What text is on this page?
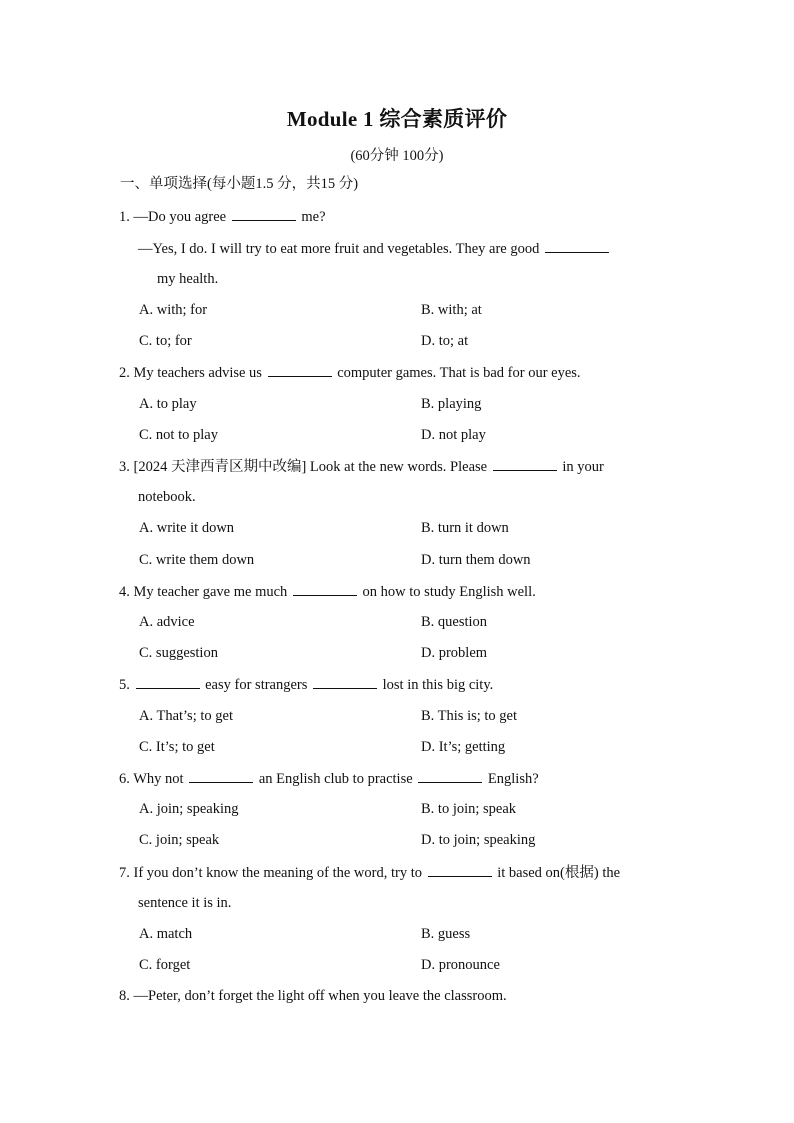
Module 1 综合素质评价
(60分钟 100分)
一、单项选择(每小题1.5 分，共15 分)
1. —Do you agree	me?
—Yes, I do. I will try to eat more fruit and vegetables. They are good
my health.
A. with; for	B. with; at
C. to; for	D. to; at
2. My teachers advise us	computer games. That is bad for our eyes.
A. to play	B. playing
C. not to play	D. not play
3. [2024 天津西青区期中改编] Look at the new words. Please	in your
notebook.
A. write it down	B. turn it down
C. write them down	D. turn them down
4. My teacher gave me much	on how to study English well.
A. advice	B. question
C. suggestion	D. problem
5.	easy for strangers	lost in this big city.
A. That’s; to get	B. This is; to get
C. It’s; to get	D. It’s; getting
6. Why not	an English club to practise	English?
A. join; speaking	B. to join; speak
C. join; speak	D. to join; speaking
7. If you don’t know the meaning of the word, try to	it based on(根据) the
sentence it is in.
A. match	B. guess
C. forget	D. pronounce
8. —Peter, don’t forget the light off when you leave the classroom.
